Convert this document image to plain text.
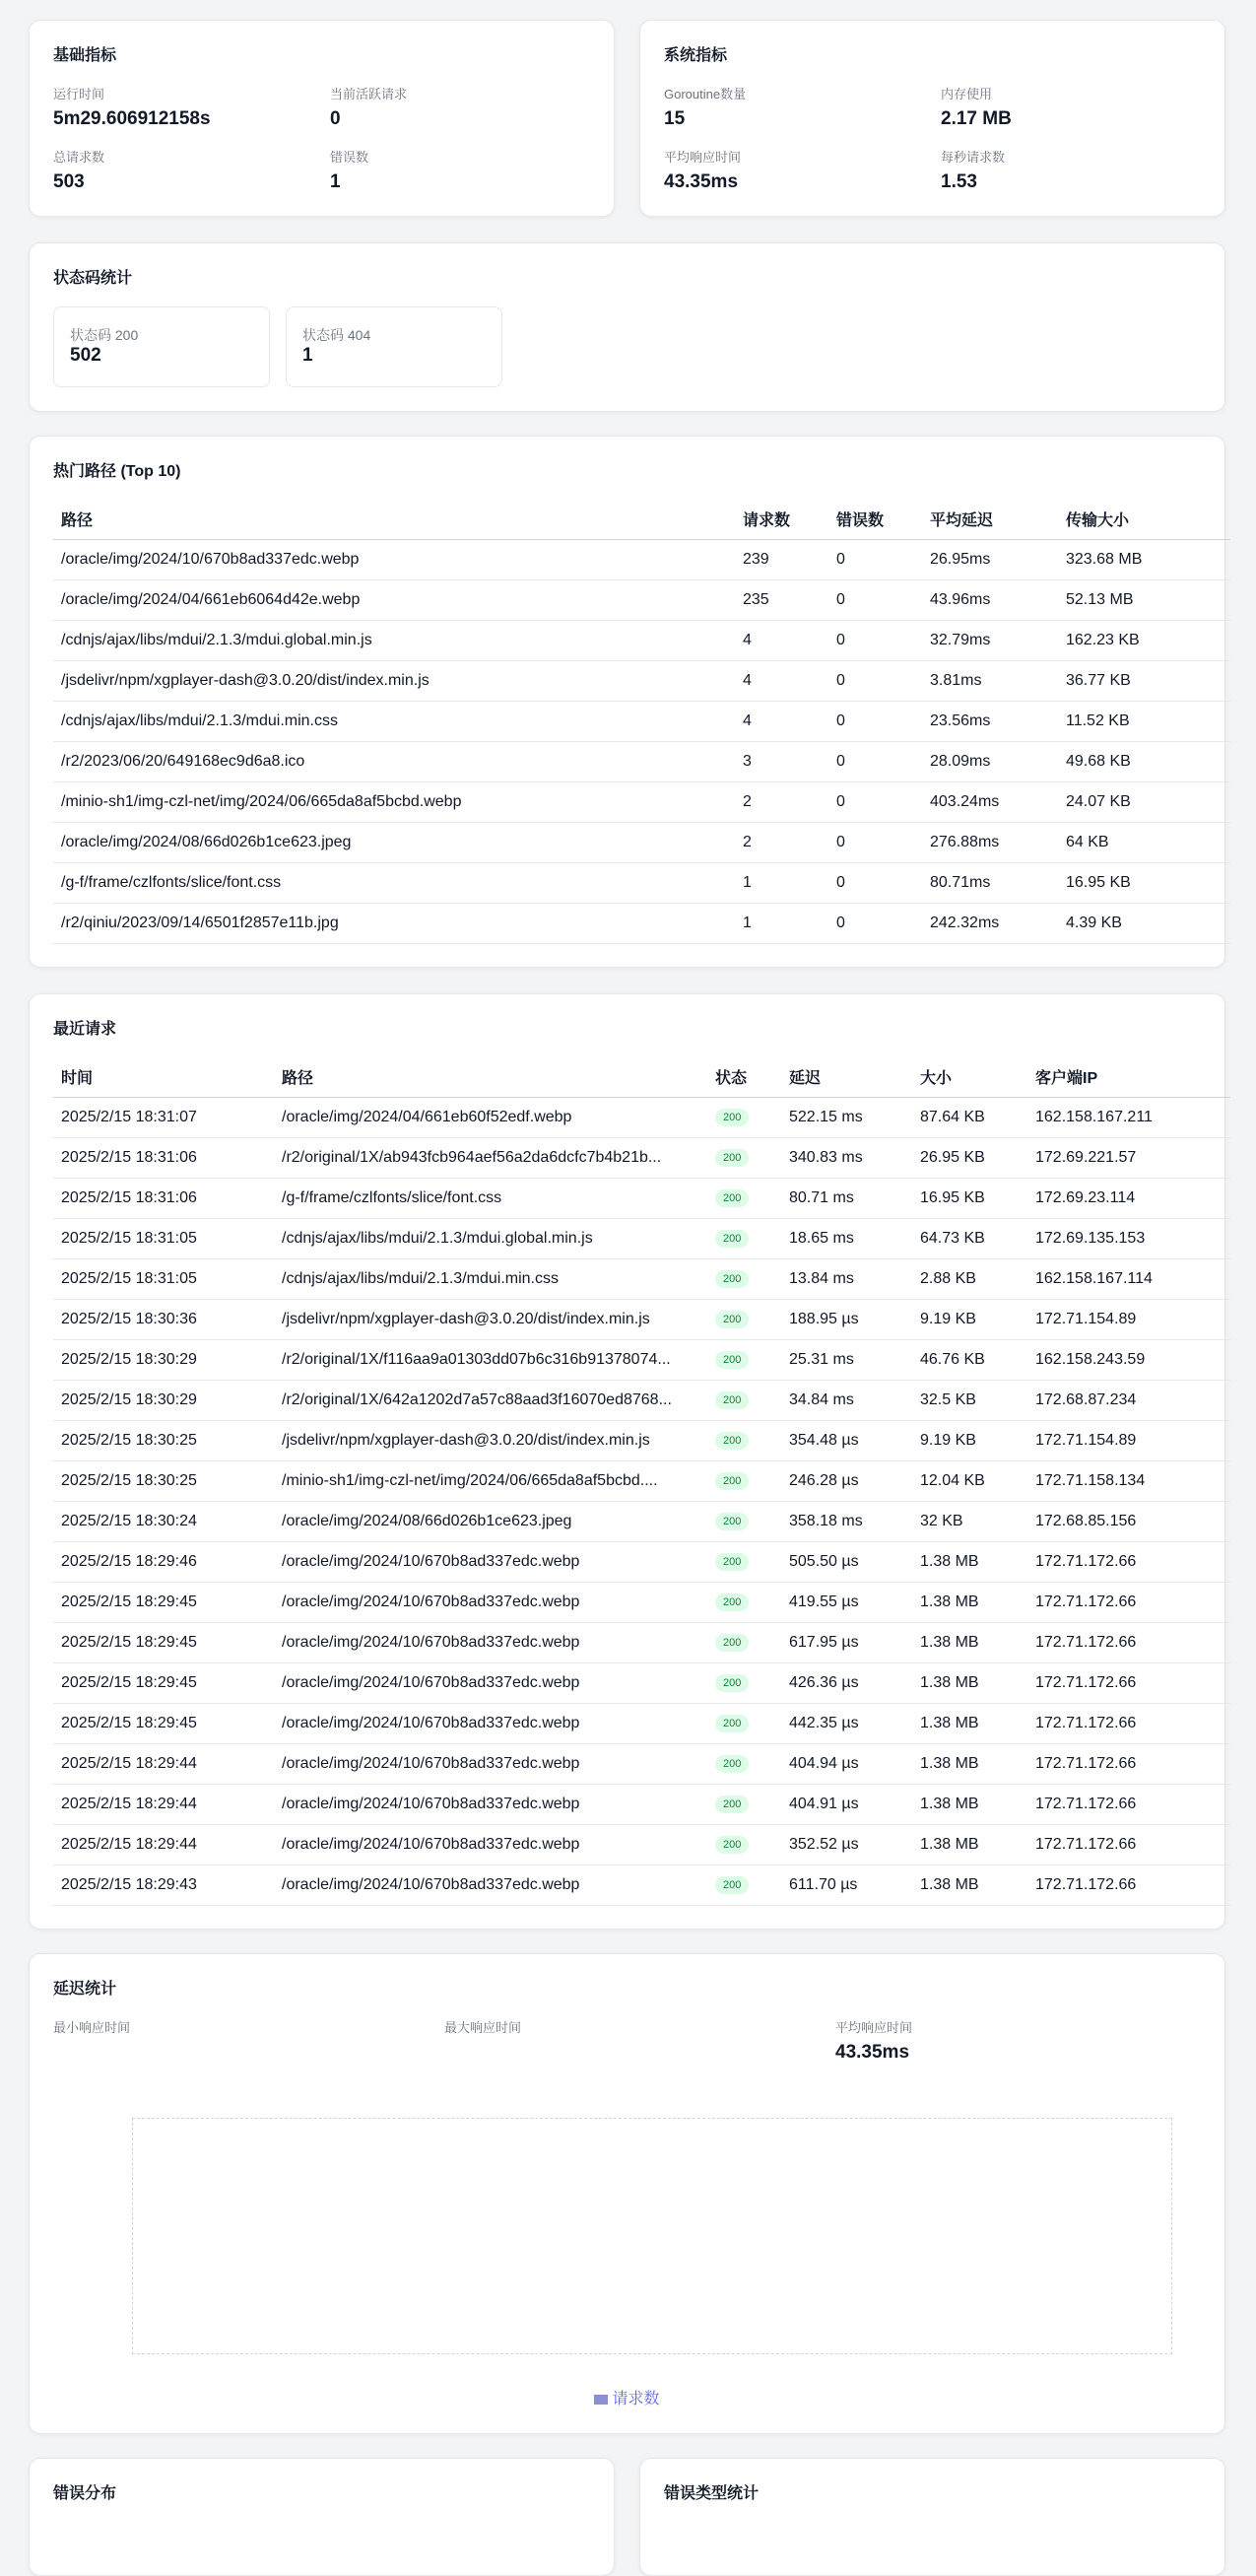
基础指标
运行时间
5m29.606912158s
当前活跃请求
0
总请求数
503
错误数
1
系统指标
Goroutine数量
15
内存使用
2.17 MB
平均响应时间
43.35ms
每秒请求数
1.53
状态码统计
状态码 200
502
状态码 404
1
热门路径 (Top 10)
路径	请求数	错误数	平均延迟	传输大小
/oracle/img/2024/10/670b8ad337edc.webp	239	0	26.95ms	323.68 MB
/oracle/img/2024/04/661eb6064d42e.webp	235	0	43.96ms	52.13 MB
/cdnjs/ajax/libs/mdui/2.1.3/mdui.global.min.js	4	0	32.79ms	162.23 KB
/jsdelivr/npm/xgplayer-dash@3.0.20/dist/index.min.js	4	0	3.81ms	36.77 KB
/cdnjs/ajax/libs/mdui/2.1.3/mdui.min.css	4	0	23.56ms	11.52 KB
/r2/2023/06/20/649168ec9d6a8.ico	3	0	28.09ms	49.68 KB
/minio-sh1/img-czl-net/img/2024/06/665da8af5bcbd.webp	2	0	403.24ms	24.07 KB
/oracle/img/2024/08/66d026b1ce623.jpeg	2	0	276.88ms	64 KB
/g-f/frame/czlfonts/slice/font.css	1	0	80.71ms	16.95 KB
/r2/qiniu/2023/09/14/6501f2857e11b.jpg	1	0	242.32ms	4.39 KB
最近请求
时间	路径	状态	延迟	大小	客户端IP
2025/2/15 18:31:07	/oracle/img/2024/04/661eb60f52edf.webp	200	522.15 ms	87.64 KB	162.158.167.211
2025/2/15 18:31:06	/r2/original/1X/ab943fcb964aef56a2da6dcfc7b4b21b...	200	340.83 ms	26.95 KB	172.69.221.57
2025/2/15 18:31:06	/g-f/frame/czlfonts/slice/font.css	200	80.71 ms	16.95 KB	172.69.23.114
2025/2/15 18:31:05	/cdnjs/ajax/libs/mdui/2.1.3/mdui.global.min.js	200	18.65 ms	64.73 KB	172.69.135.153
2025/2/15 18:31:05	/cdnjs/ajax/libs/mdui/2.1.3/mdui.min.css	200	13.84 ms	2.88 KB	162.158.167.114
2025/2/15 18:30:36	/jsdelivr/npm/xgplayer-dash@3.0.20/dist/index.min.js	200	188.95 µs	9.19 KB	172.71.154.89
2025/2/15 18:30:29	/r2/original/1X/f116aa9a01303dd07b6c316b91378074...	200	25.31 ms	46.76 KB	162.158.243.59
2025/2/15 18:30:29	/r2/original/1X/642a1202d7a57c88aad3f16070ed8768...	200	34.84 ms	32.5 KB	172.68.87.234
2025/2/15 18:30:25	/jsdelivr/npm/xgplayer-dash@3.0.20/dist/index.min.js	200	354.48 µs	9.19 KB	172.71.154.89
2025/2/15 18:30:25	/minio-sh1/img-czl-net/img/2024/06/665da8af5bcbd....	200	246.28 µs	12.04 KB	172.71.158.134
2025/2/15 18:30:24	/oracle/img/2024/08/66d026b1ce623.jpeg	200	358.18 ms	32 KB	172.68.85.156
2025/2/15 18:29:46	/oracle/img/2024/10/670b8ad337edc.webp	200	505.50 µs	1.38 MB	172.71.172.66
2025/2/15 18:29:45	/oracle/img/2024/10/670b8ad337edc.webp	200	419.55 µs	1.38 MB	172.71.172.66
2025/2/15 18:29:45	/oracle/img/2024/10/670b8ad337edc.webp	200	617.95 µs	1.38 MB	172.71.172.66
2025/2/15 18:29:45	/oracle/img/2024/10/670b8ad337edc.webp	200	426.36 µs	1.38 MB	172.71.172.66
2025/2/15 18:29:45	/oracle/img/2024/10/670b8ad337edc.webp	200	442.35 µs	1.38 MB	172.71.172.66
2025/2/15 18:29:44	/oracle/img/2024/10/670b8ad337edc.webp	200	404.94 µs	1.38 MB	172.71.172.66
2025/2/15 18:29:44	/oracle/img/2024/10/670b8ad337edc.webp	200	404.91 µs	1.38 MB	172.71.172.66
2025/2/15 18:29:44	/oracle/img/2024/10/670b8ad337edc.webp	200	352.52 µs	1.38 MB	172.71.172.66
2025/2/15 18:29:43	/oracle/img/2024/10/670b8ad337edc.webp	200	611.70 µs	1.38 MB	172.71.172.66
延迟统计
最小响应时间	最大响应时间	平均响应时间
43.35ms
请求数
错误分布	错误类型统计
